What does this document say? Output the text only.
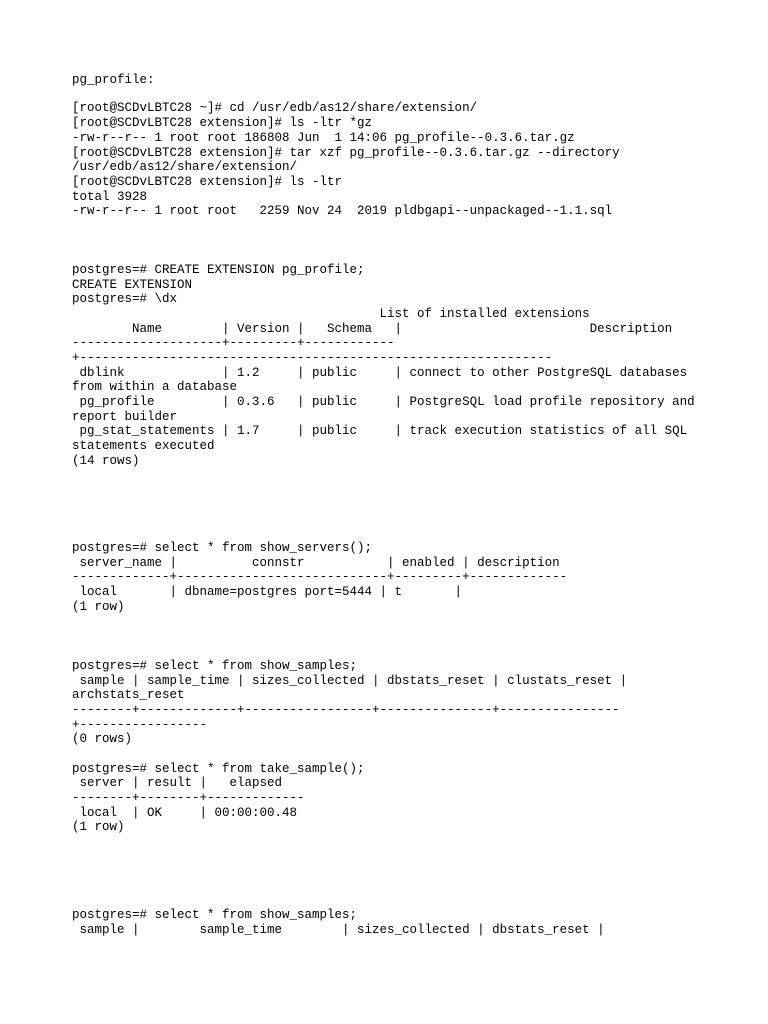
pg_profile:
[root@SCDvLBTC28 ~]# cd /usr/edb/as12/share/extension/
[root@SCDvLBTC28 extension]# ls -ltr *gz
-rw-r--r-- 1 root root 186808 Jun  1 14:06 pg_profile--0.3.6.tar.gz
[root@SCDvLBTC28 extension]# tar xzf pg_profile--0.3.6.tar.gz --directory
/usr/edb/as12/share/extension/
[root@SCDvLBTC28 extension]# ls -ltr
total 3928
-rw-r--r-- 1 root root   2259 Nov 24  2019 pldbgapi--unpackaged--1.1.sql
postgres=# CREATE EXTENSION pg_profile;
CREATE EXTENSION
postgres=# \dx
List of installed extensions
Name        | Version |   Schema   |                         Description
--------------------+---------+------------
+---------------------------------------------------------------
dblink             | 1.2     | public     | connect to other PostgreSQL databases
from within a database
pg_profile         | 0.3.6   | public     | PostgreSQL load profile repository and
report builder
pg_stat_statements | 1.7     | public     | track execution statistics of all SQL
statements executed
(14 rows)
postgres=# select * from show_servers();
server_name |          connstr           | enabled | description
-------------+----------------------------+---------+-------------
local       | dbname=postgres port=5444 | t       |
(1 row)
postgres=# select * from show_samples;
sample | sample_time | sizes_collected | dbstats_reset | clustats_reset |
archstats_reset
--------+-------------+-----------------+---------------+----------------
+-----------------
(0 rows)
postgres=# select * from take_sample();
server | result |   elapsed
--------+--------+-------------
local  | OK     | 00:00:00.48
(1 row)
postgres=# select * from show_samples;
sample |        sample_time        | sizes_collected | dbstats_reset |
